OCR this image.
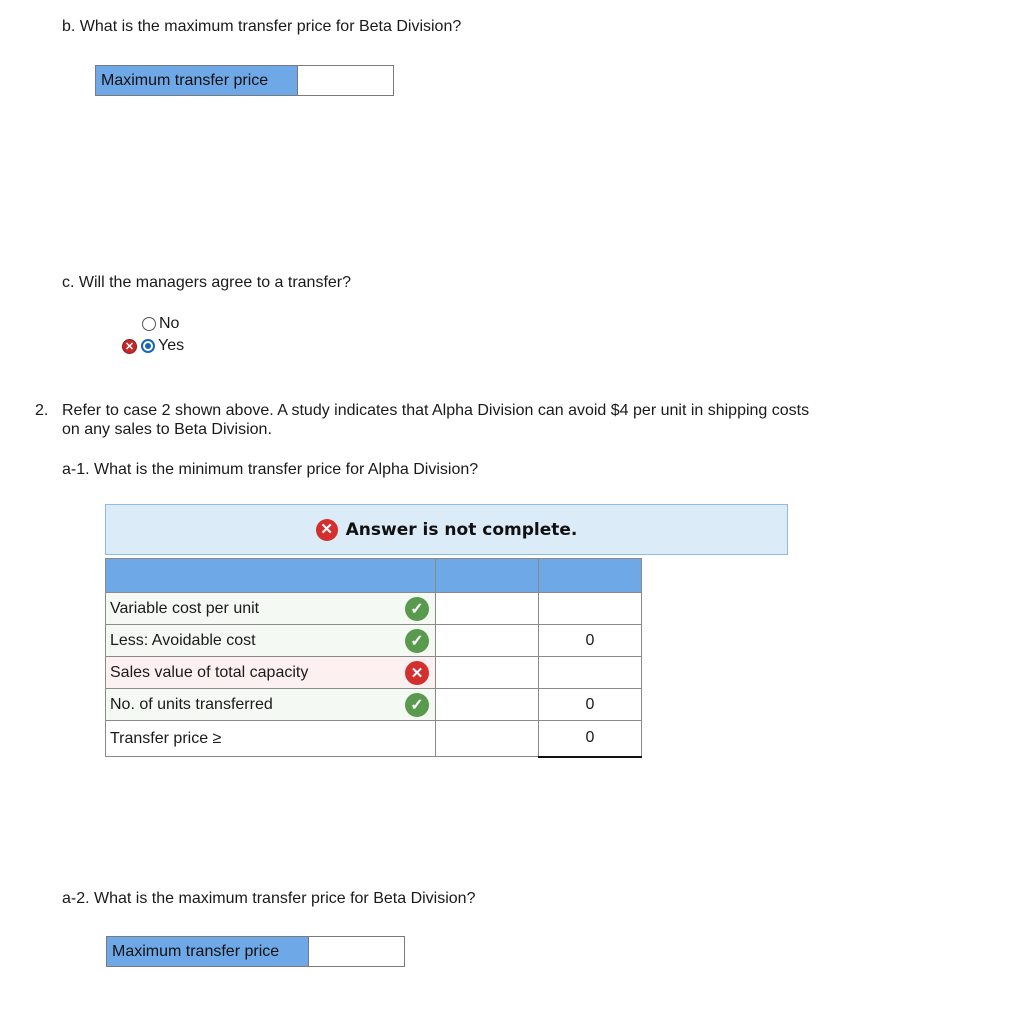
b. What is the maximum transfer price for Beta Division?
Maximum transfer price
c. Will the managers agree to a transfer?
No
✕ Yes
2. Refer to case 2 shown above. A study indicates that Alpha Division can avoid $4 per unit in shipping costs
on any sales to Beta Division.
a-1. What is the minimum transfer price for Alpha Division?
✕ Answer is not complete.

Variable cost per unit ✓		

Less: Avoidable cost ✓		0

Sales value of total capacity ✕		

No. of units transferred ✓		0

Transfer price ≥		0
a-2. What is the maximum transfer price for Beta Division?
Maximum transfer price
